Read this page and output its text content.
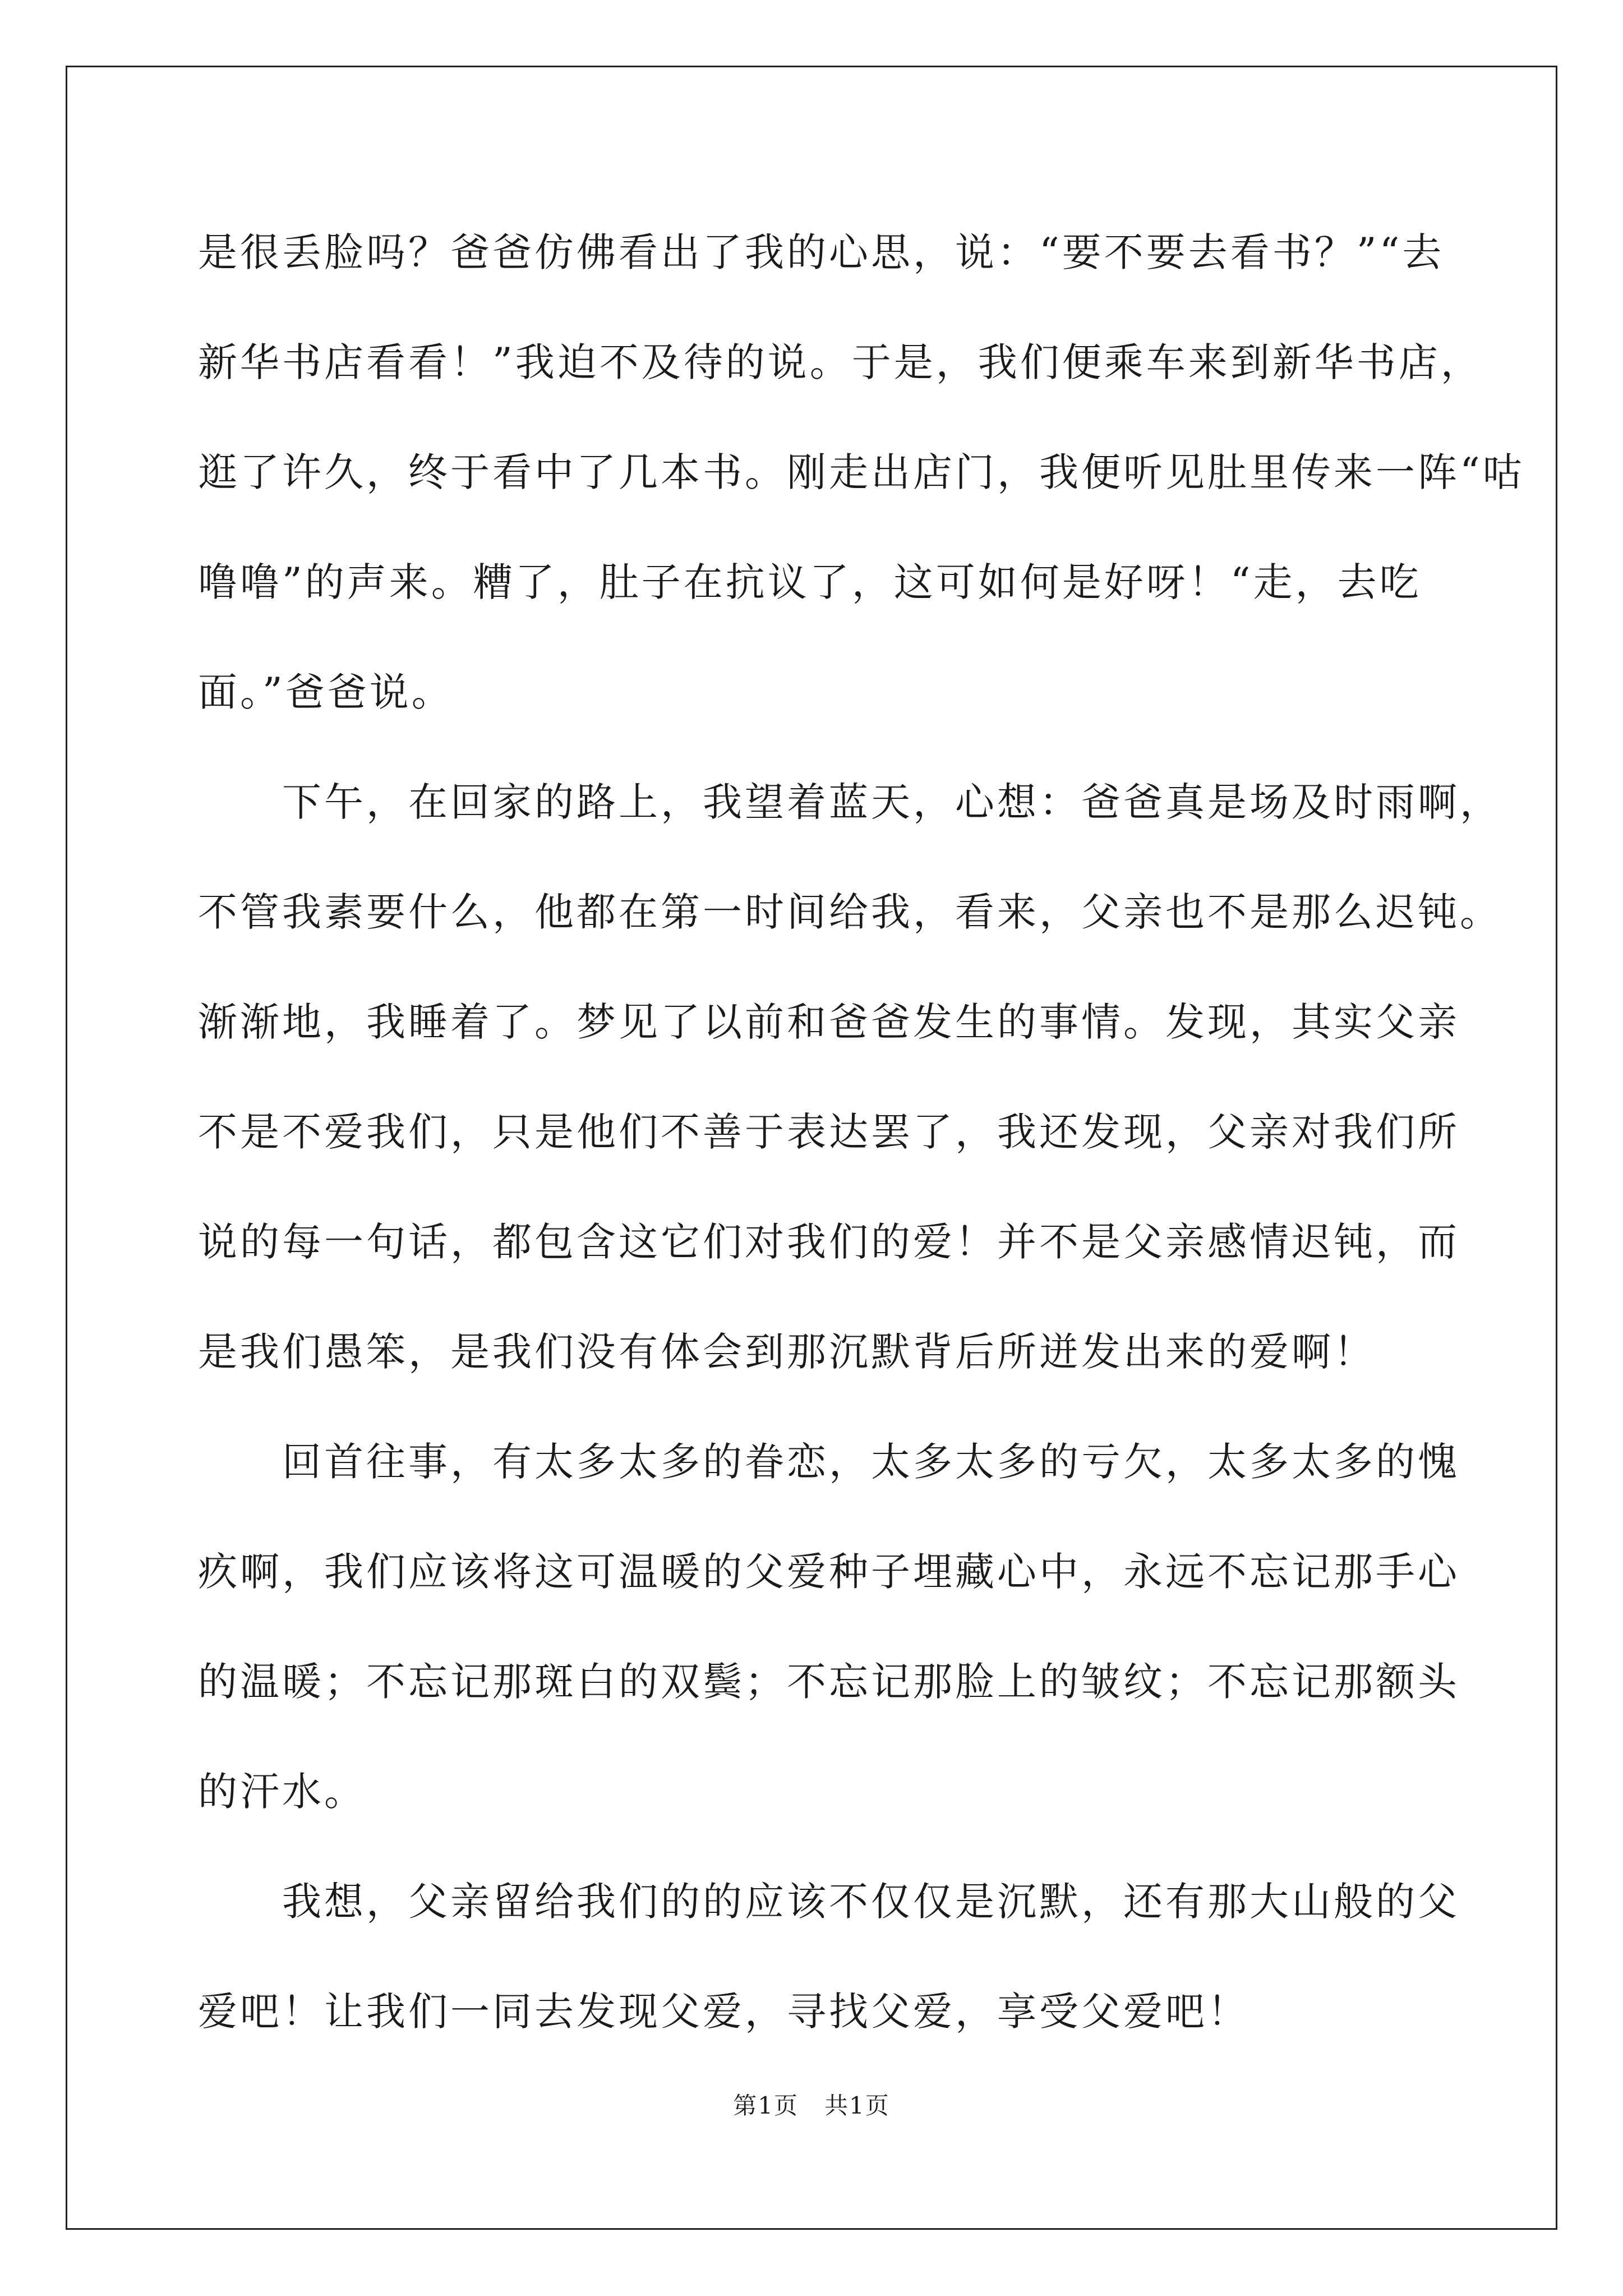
是很丢脸吗？爸爸仿佛看出了我的心思，说：“要不要去看书？”“去
新华书店看看！”我迫不及待的说。于是，我们便乘车来到新华书店，
逛了许久，终于看中了几本书。刚走出店门，我便听见肚里传来一阵“咕
噜噜”的声来。糟了，肚子在抗议了，这可如何是好呀！“走，去吃
面。”爸爸说。
下午，在回家的路上，我望着蓝天，心想：爸爸真是场及时雨啊，
不管我素要什么，他都在第一时间给我，看来，父亲也不是那么迟钝。
渐渐地，我睡着了。梦见了以前和爸爸发生的事情。发现，其实父亲
不是不爱我们，只是他们不善于表达罢了，我还发现，父亲对我们所
说的每一句话，都包含这它们对我们的爱！并不是父亲感情迟钝，而
是我们愚笨，是我们没有体会到那沉默背后所迸发出来的爱啊！
回首往事，有太多太多的眷恋，太多太多的亏欠，太多太多的愧
疚啊，我们应该将这可温暖的父爱种子埋藏心中，永远不忘记那手心
的温暖；不忘记那斑白的双鬓；不忘记那脸上的皱纹；不忘记那额头
的汗水。
我想，父亲留给我们的的应该不仅仅是沉默，还有那大山般的父
爱吧！让我们一同去发现父爱，寻找父爱，享受父爱吧！
第1页 共1页
